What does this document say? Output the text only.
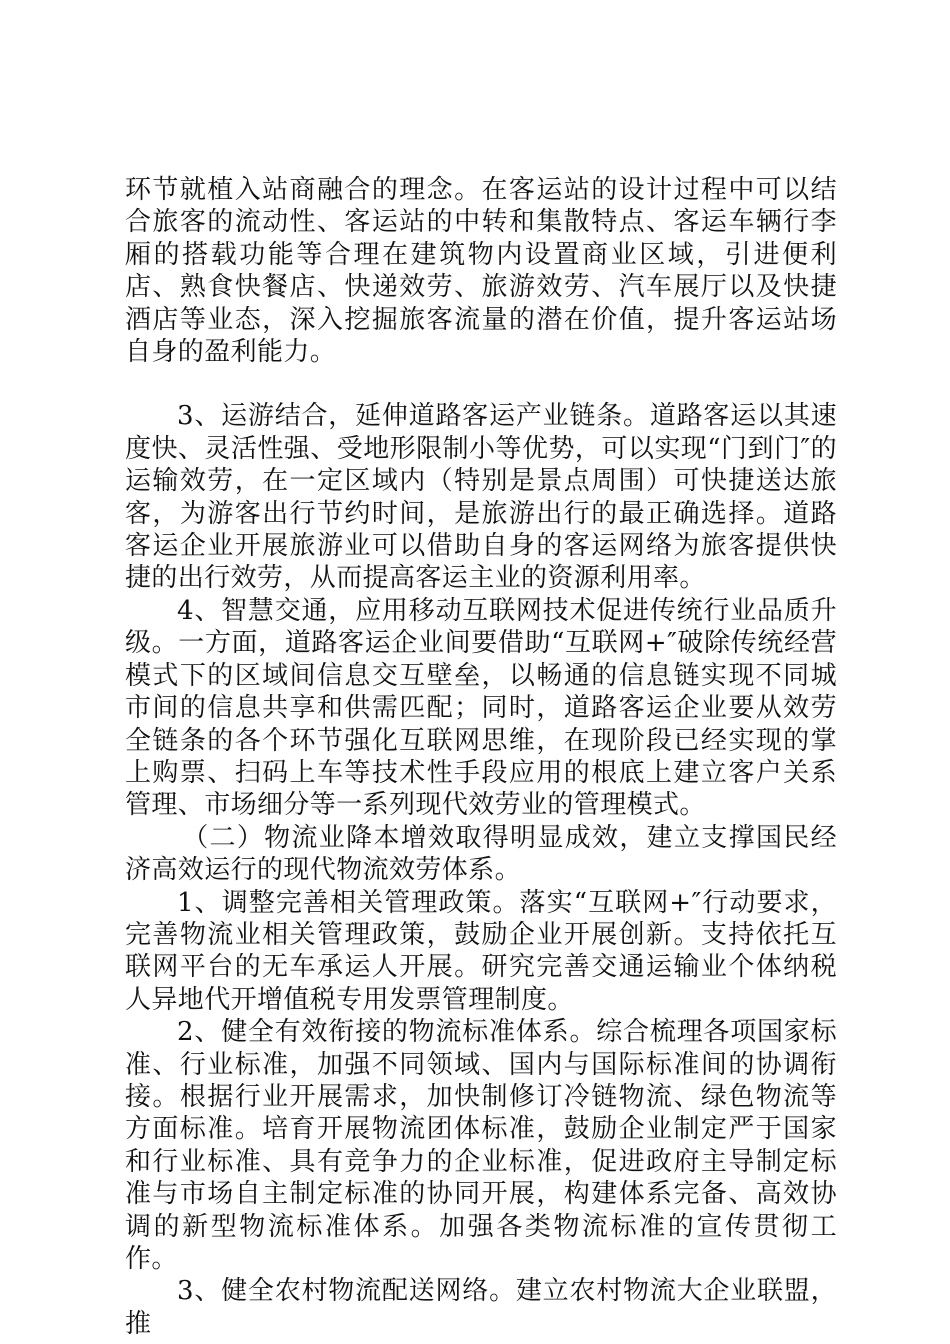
环节就植入站商融合的理念。在客运站的设计过程中可以结合旅客的流动性、客运站的中转和集散特点、客运车辆行李厢的搭载功能等合理在建筑物内设置商业区域，引进便利店、熟食快餐店、快递效劳、旅游效劳、汽车展厅以及快捷酒店等业态，深入挖掘旅客流量的潜在价值，提升客运站场自身的盈利能力。

3、运游结合，延伸道路客运产业链条。道路客运以其速度快、灵活性强、受地形限制小等优势，可以实现“门到门″的运输效劳，在一定区域内（特别是景点周围）可快捷送达旅客，为游客出行节约时间，是旅游出行的最正确选择。道路客运企业开展旅游业可以借助自身的客运网络为旅客提供快捷的出行效劳，从而提高客运主业的资源利用率。

4、智慧交通，应用移动互联网技术促进传统行业品质升级。一方面，道路客运企业间要借助“互联网+″破除传统经营模式下的区域间信息交互壁垒，以畅通的信息链实现不同城市间的信息共享和供需匹配；同时，道路客运企业要从效劳全链条的各个环节强化互联网思维，在现阶段已经实现的掌上购票、扫码上车等技术性手段应用的根底上建立客户关系管理、市场细分等一系列现代效劳业的管理模式。

（二）物流业降本增效取得明显成效，建立支撑国民经济高效运行的现代物流效劳体系。

1、调整完善相关管理政策。落实“互联网+″行动要求，完善物流业相关管理政策，鼓励企业开展创新。支持依托互联网平台的无车承运人开展。研究完善交通运输业个体纳税人异地代开增值税专用发票管理制度。

2、健全有效衔接的物流标准体系。综合梳理各项国家标准、行业标准，加强不同领域、国内与国际标准间的协调衔接。根据行业开展需求，加快制修订冷链物流、绿色物流等方面标准。培育开展物流团体标准，鼓励企业制定严于国家和行业标准、具有竞争力的企业标准，促进政府主导制定标准与市场自主制定标准的协同开展，构建体系完备、高效协调的新型物流标准体系。加强各类物流标准的宣传贯彻工作。

3、健全农村物流配送网络。建立农村物流大企业联盟，推
